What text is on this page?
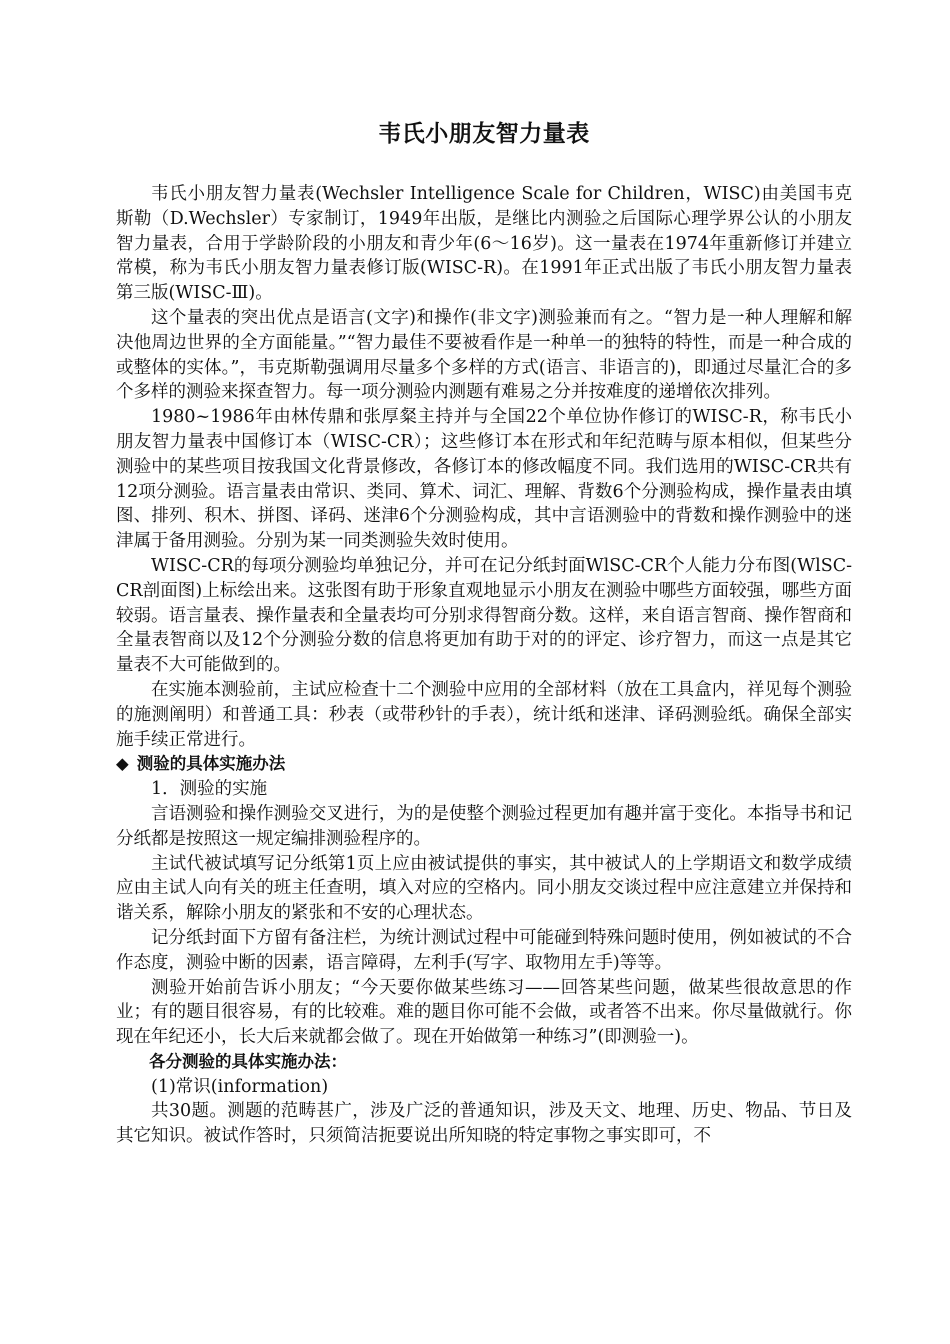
韦氏小朋友智力量表

韦氏小朋友智力量表(Wechsler Intelligence Scale for Children，WISC)由美国韦克斯勒（D.Wechsler）专家制订，1949年出版，是继比内测验之后国际心理学界公认的小朋友智力量表，合用于学龄阶段的小朋友和青少年(6～16岁)。这一量表在1974年重新修订并建立常模，称为韦氏小朋友智力量表修订版(WISC-R)。在1991年正式出版了韦氏小朋友智力量表第三版(WISC-Ⅲ)。

这个量表的突出优点是语言(文字)和操作(非文字)测验兼而有之。“智力是一种人理解和解决他周边世界的全方面能量。”“智力最佳不要被看作是一种单一的独特的特性，而是一种合成的或整体的实体。”，韦克斯勒强调用尽量多个多样的方式(语言、非语言的)，即通过尽量汇合的多个多样的测验来探查智力。每一项分测验内测题有难易之分并按难度的递增依次排列。

1980~1986年由林传鼎和张厚粲主持并与全国22个单位协作修订的WISC-R，称韦氏小朋友智力量表中国修订本（WISC-CR）；这些修订本在形式和年纪范畴与原本相似，但某些分测验中的某些项目按我国文化背景修改，各修订本的修改幅度不同。我们选用的WISC-CR共有12项分测验。语言量表由常识、类同、算术、词汇、理解、背数6个分测验构成，操作量表由填图、排列、积木、拼图、译码、迷津6个分测验构成，其中言语测验中的背数和操作测验中的迷津属于备用测验。分别为某一同类测验失效时使用。

WISC-CR的每项分测验均单独记分，并可在记分纸封面WlSC-CR个人能力分布图(WlSC-CR剖面图)上标绘出来。这张图有助于形象直观地显示小朋友在测验中哪些方面较强，哪些方面较弱。语言量表、操作量表和全量表均可分别求得智商分数。这样，来自语言智商、操作智商和全量表智商以及12个分测验分数的信息将更加有助于对的的评定、诊疗智力，而这一点是其它量表不大可能做到的。

在实施本测验前，主试应检查十二个测验中应用的全部材料（放在工具盒内，祥见每个测验的施测阐明）和普通工具：秒表（或带秒针的手表），统计纸和迷津、译码测验纸。确保全部实施手续正常进行。

◆ 测验的具体实施办法

1．测验的实施

言语测验和操作测验交叉进行，为的是使整个测验过程更加有趣并富于变化。本指导书和记分纸都是按照这一规定编排测验程序的。

主试代被试填写记分纸第1页上应由被试提供的事实，其中被试人的上学期语文和数学成绩应由主试人向有关的班主任查明，填入对应的空格内。同小朋友交谈过程中应注意建立并保持和谐关系，解除小朋友的紧张和不安的心理状态。

记分纸封面下方留有备注栏，为统计测试过程中可能碰到特殊问题时使用，例如被试的不合作态度，测验中断的因素，语言障碍，左利手(写字、取物用左手)等等。

测验开始前告诉小朋友；“今天要你做某些练习——回答某些问题，做某些很故意思的作业；有的题目很容易，有的比较难。难的题目你可能不会做，或者答不出来。你尽量做就行。你现在年纪还小，长大后来就都会做了。现在开始做第一种练习”(即测验一)。

各分测验的具体实施办法：

(1)常识(information)

共30题。测题的范畴甚广，涉及广泛的普通知识，涉及天文、地理、历史、物品、节日及其它知识。被试作答时，只须简洁扼要说出所知晓的特定事物之事实即可，不
